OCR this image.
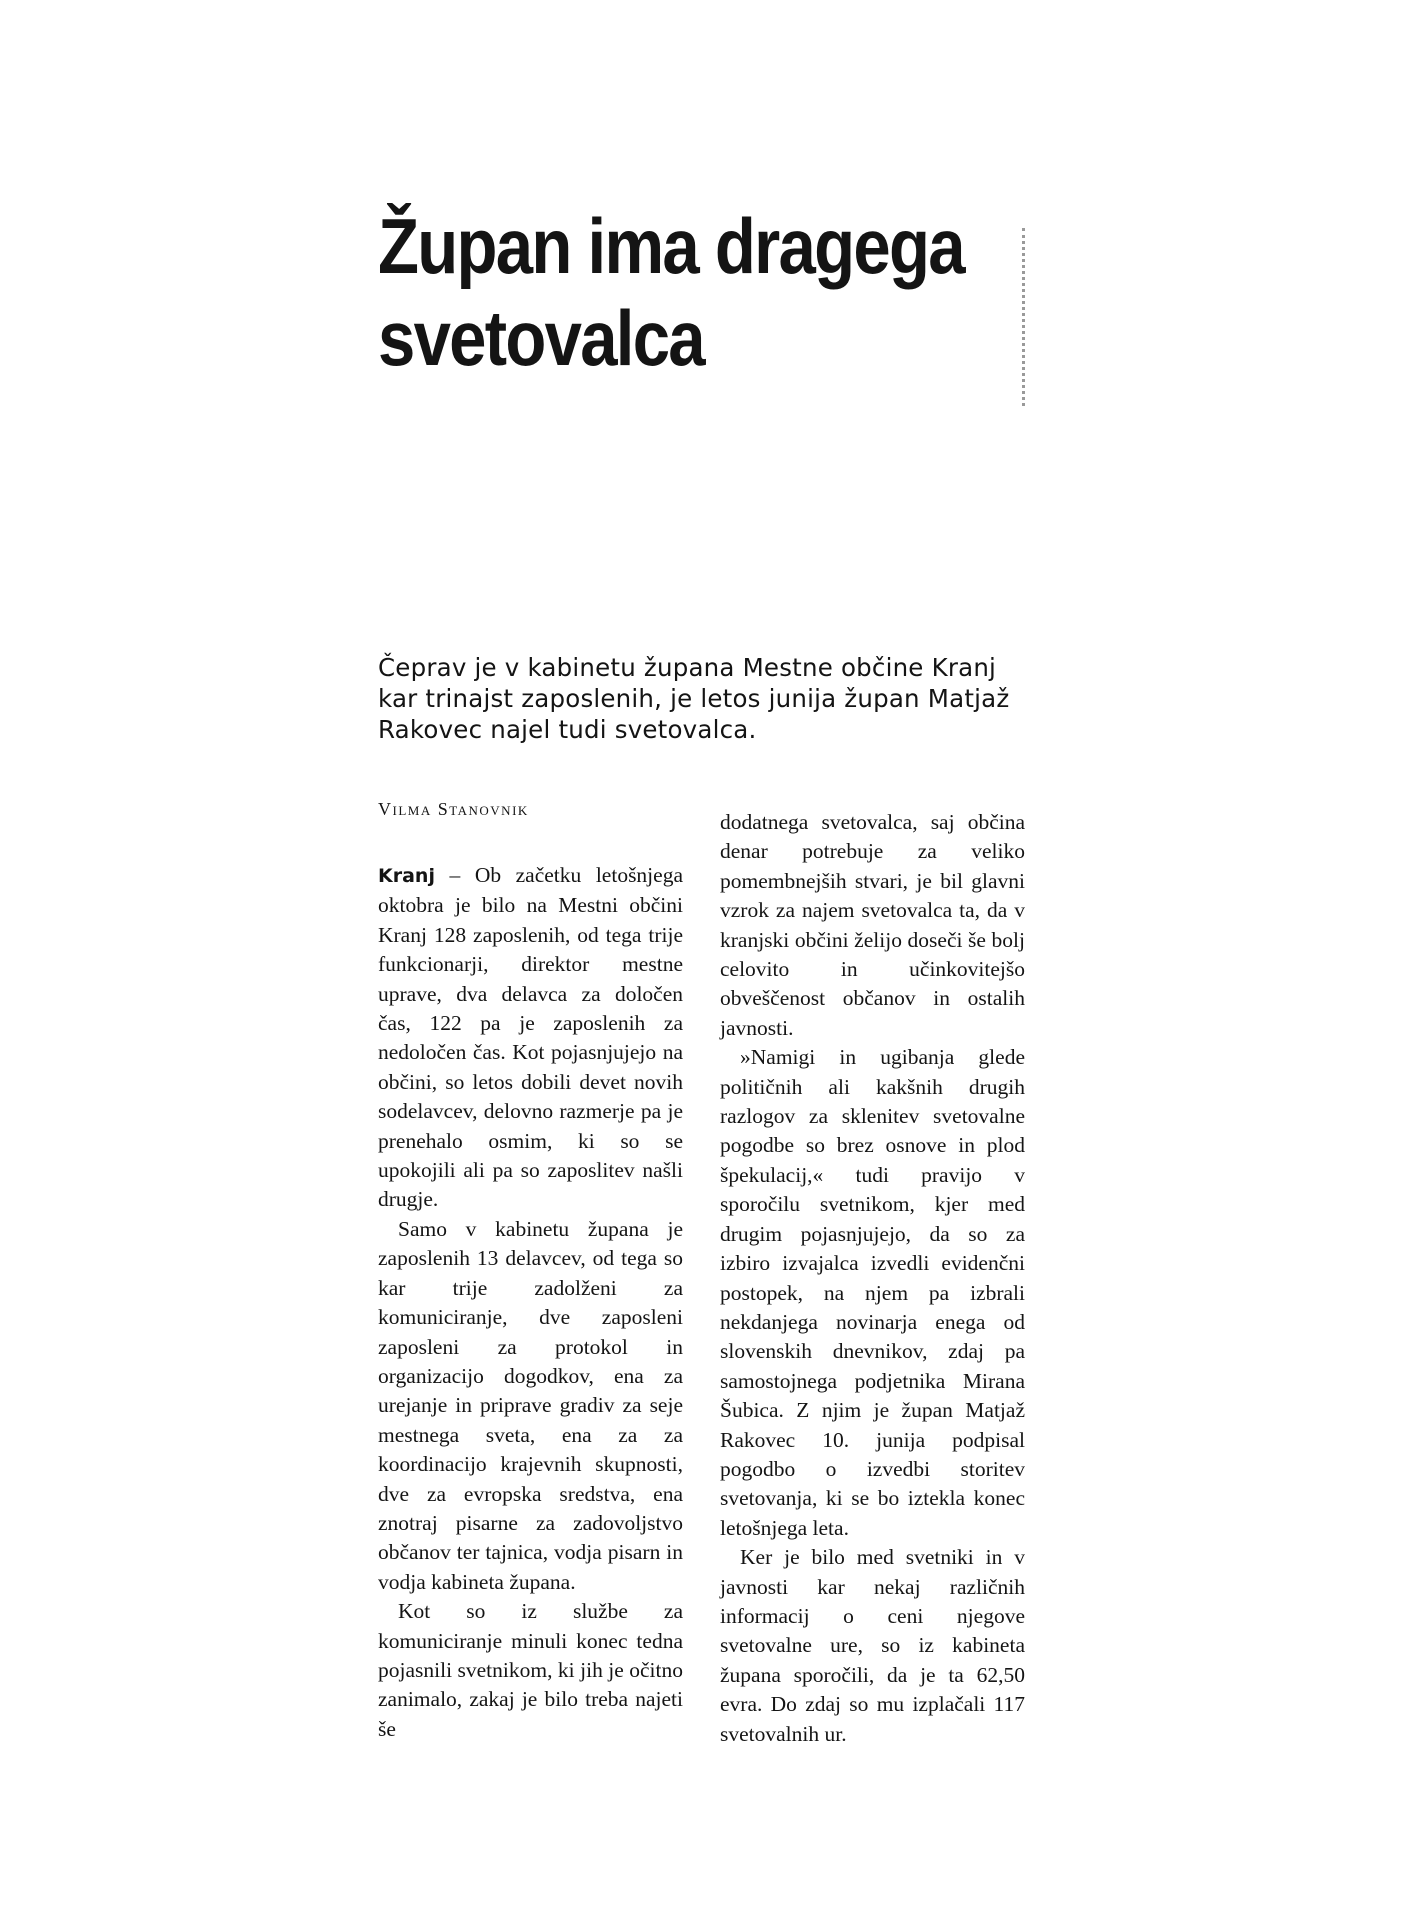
Župan ima dragega
svetovalca

Čeprav je v kabinetu župana Mestne občine Kranj kar trinajst zaposlenih, je letos junija župan Matjaž Rakovec najel tudi svetovalca.

Vilma Stanovnik

Kranj – Ob začetku letošnjega oktobra je bilo na Mestni občini Kranj 128 zaposlenih, od tega trije funkcionarji, direktor mestne uprave, dva delavca za določen čas, 122 pa je zaposlenih za nedoločen čas. Kot pojasnjujejo na občini, so letos dobili devet novih sodelavcev, delovno razmerje pa je prenehalo osmim, ki so se upokojili ali pa so zaposlitev našli drugje.

Samo v kabinetu župana je zaposlenih 13 delavcev, od tega so kar trije zadolženi za komuniciranje, dve zaposleni zaposleni za protokol in organizacijo dogodkov, ena za urejanje in priprave gradiv za seje mestnega sveta, ena za za koordinacijo krajevnih skupnosti, dve za evropska sredstva, ena znotraj pisarne za zadovoljstvo občanov ter tajnica, vodja pisarn in vodja kabineta župana.

Kot so iz službe za komuniciranje minuli konec tedna pojasnili svetnikom, ki jih je očitno zanimalo, zakaj je bilo treba najeti še

dodatnega svetovalca, saj občina denar potrebuje za veliko pomembnejših stvari, je bil glavni vzrok za najem svetovalca ta, da v kranjski občini želijo doseči še bolj celovito in učinkovitejšo obveščenost občanov in ostalih javnosti.

»Namigi in ugibanja glede političnih ali kakšnih drugih razlogov za sklenitev svetovalne pogodbe so brez osnove in plod špekulacij,« tudi pravijo v sporočilu svetnikom, kjer med drugim pojasnjujejo, da so za izbiro izvajalca izvedli evidenčni postopek, na njem pa izbrali nekdanjega novinarja enega od slovenskih dnevnikov, zdaj pa samostojnega podjetnika Mirana Šubica. Z njim je župan Matjaž Rakovec 10. junija podpisal pogodbo o izvedbi storitev svetovanja, ki se bo iztekla konec letošnjega leta.

Ker je bilo med svetniki in v javnosti kar nekaj različnih informacij o ceni njegove svetovalne ure, so iz kabineta župana sporočili, da je ta 62,50 evra. Do zdaj so mu izplačali 117 svetovalnih ur.
